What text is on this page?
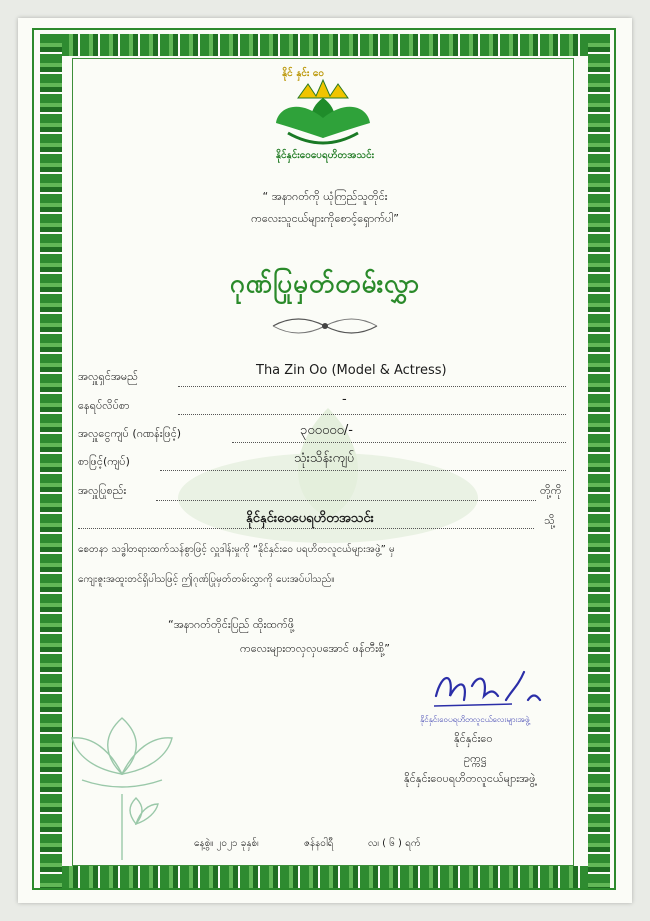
နိုင် နှင်း ဝေ
နိုင်နှင်းဝေပေရဟိတအသင်း
“ အနာဂတ်ကို ယုံကြည်သူတိုင်း
ကလေးသူငယ်များကိုစောင့်ရှောက်ပါ”
ဂုဏ်ပြုမှတ်တမ်းလွှာ
အလှူရှင်အမည်	Tha Zin Oo (Model & Actress)
နေရပ်လိပ်စာ	-
အလှူငွေကျပ် (ဂဏန်းဖြင့်)	၃၀၀၀၀၀/-
စာဖြင့်(ကျပ်)	သုံးသိန်းကျပ်
အလှူပြုစည်း	တို့ကို
နိုင်နှင်းဝေပေရဟိတအသင်း	သို့
စေတနာ သဒ္ဓါတရားထက်သန်စွာဖြင့် လှူဒါန်းမှုကို “နိုင်နှင်းဝေ ပရဟိတလူငယ်များအဖွဲ့” မှ
ကျေးဇူးအထူးတင်ရှိပါသဖြင့် ဤဂုဏ်ပြုမှတ်တမ်းလွှာကို ပေးအပ်ပါသည်။
“အနာဂတ်တိုင်းပြည် ထိုးထက်ဖို့
ကလေးများတလှလှပအောင် ဖန်တီးစို့”
နိုင်နှင်းဝေပရဟိတလူငယ်လေးများအဖွဲ့
နိုင်နှင်းဝေ
ဥက္ကဋ္ဌ
နိုင်နှင်းဝေပရဟိတလူငယ်များအဖွဲ့
နေ့စွဲ။ ၂၀၂၁ ခုနှစ်၊	ဇန်နဝါရီ	လ၊ ( ၆ ) ရက်
